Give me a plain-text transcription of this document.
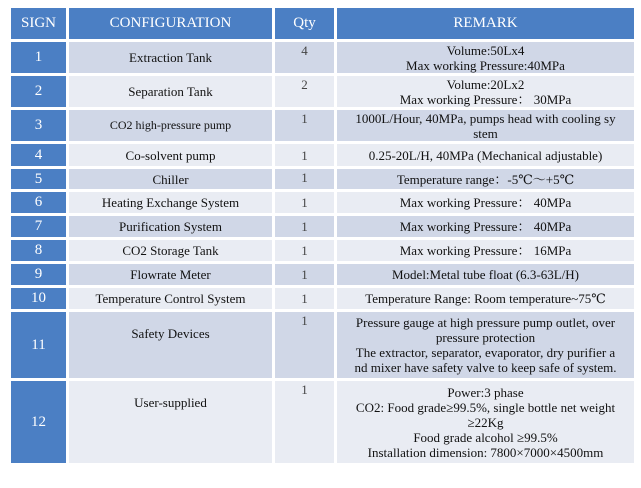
SIGN	CONFIGURATION	Qty	REMARK
1	Extraction Tank	4	Volume:50Lx4
Max working Pressure:40MPa

2	Separation Tank	2	Volume:20Lx2
Max working Pressure： 30MPa

3	CO2 high-pressure pump	1	1000L/Hour, 40MPa, pumps head with cooling sy
stem

4	Co-solvent pump	1	0.25-20L/H, 40MPa (Mechanical adjustable)

5	Chiller	1	Temperature range：-5℃～+5℃

6	Heating Exchange System	1	Max working Pressure： 40MPa

7	Purification System	1	Max working Pressure： 40MPa

8	CO2 Storage Tank	1	Max working Pressure： 16MPa

9	Flowrate Meter	1	Model:Metal tube float (6.3-63L/H)

10	Temperature Control System	1	Temperature Range: Room temperature~75℃

11	Safety Devices	1	Pressure gauge at high pressure pump outlet, over
pressure protection
The extractor, separator, evaporator, dry purifier a
nd mixer have safety valve to keep safe of system.

12	User-supplied	1	Power:3 phase
CO2: Food grade≥99.5%, single bottle net weight
≥22Kg
Food grade alcohol ≥99.5%
Installation dimension: 7800×7000×4500mm
